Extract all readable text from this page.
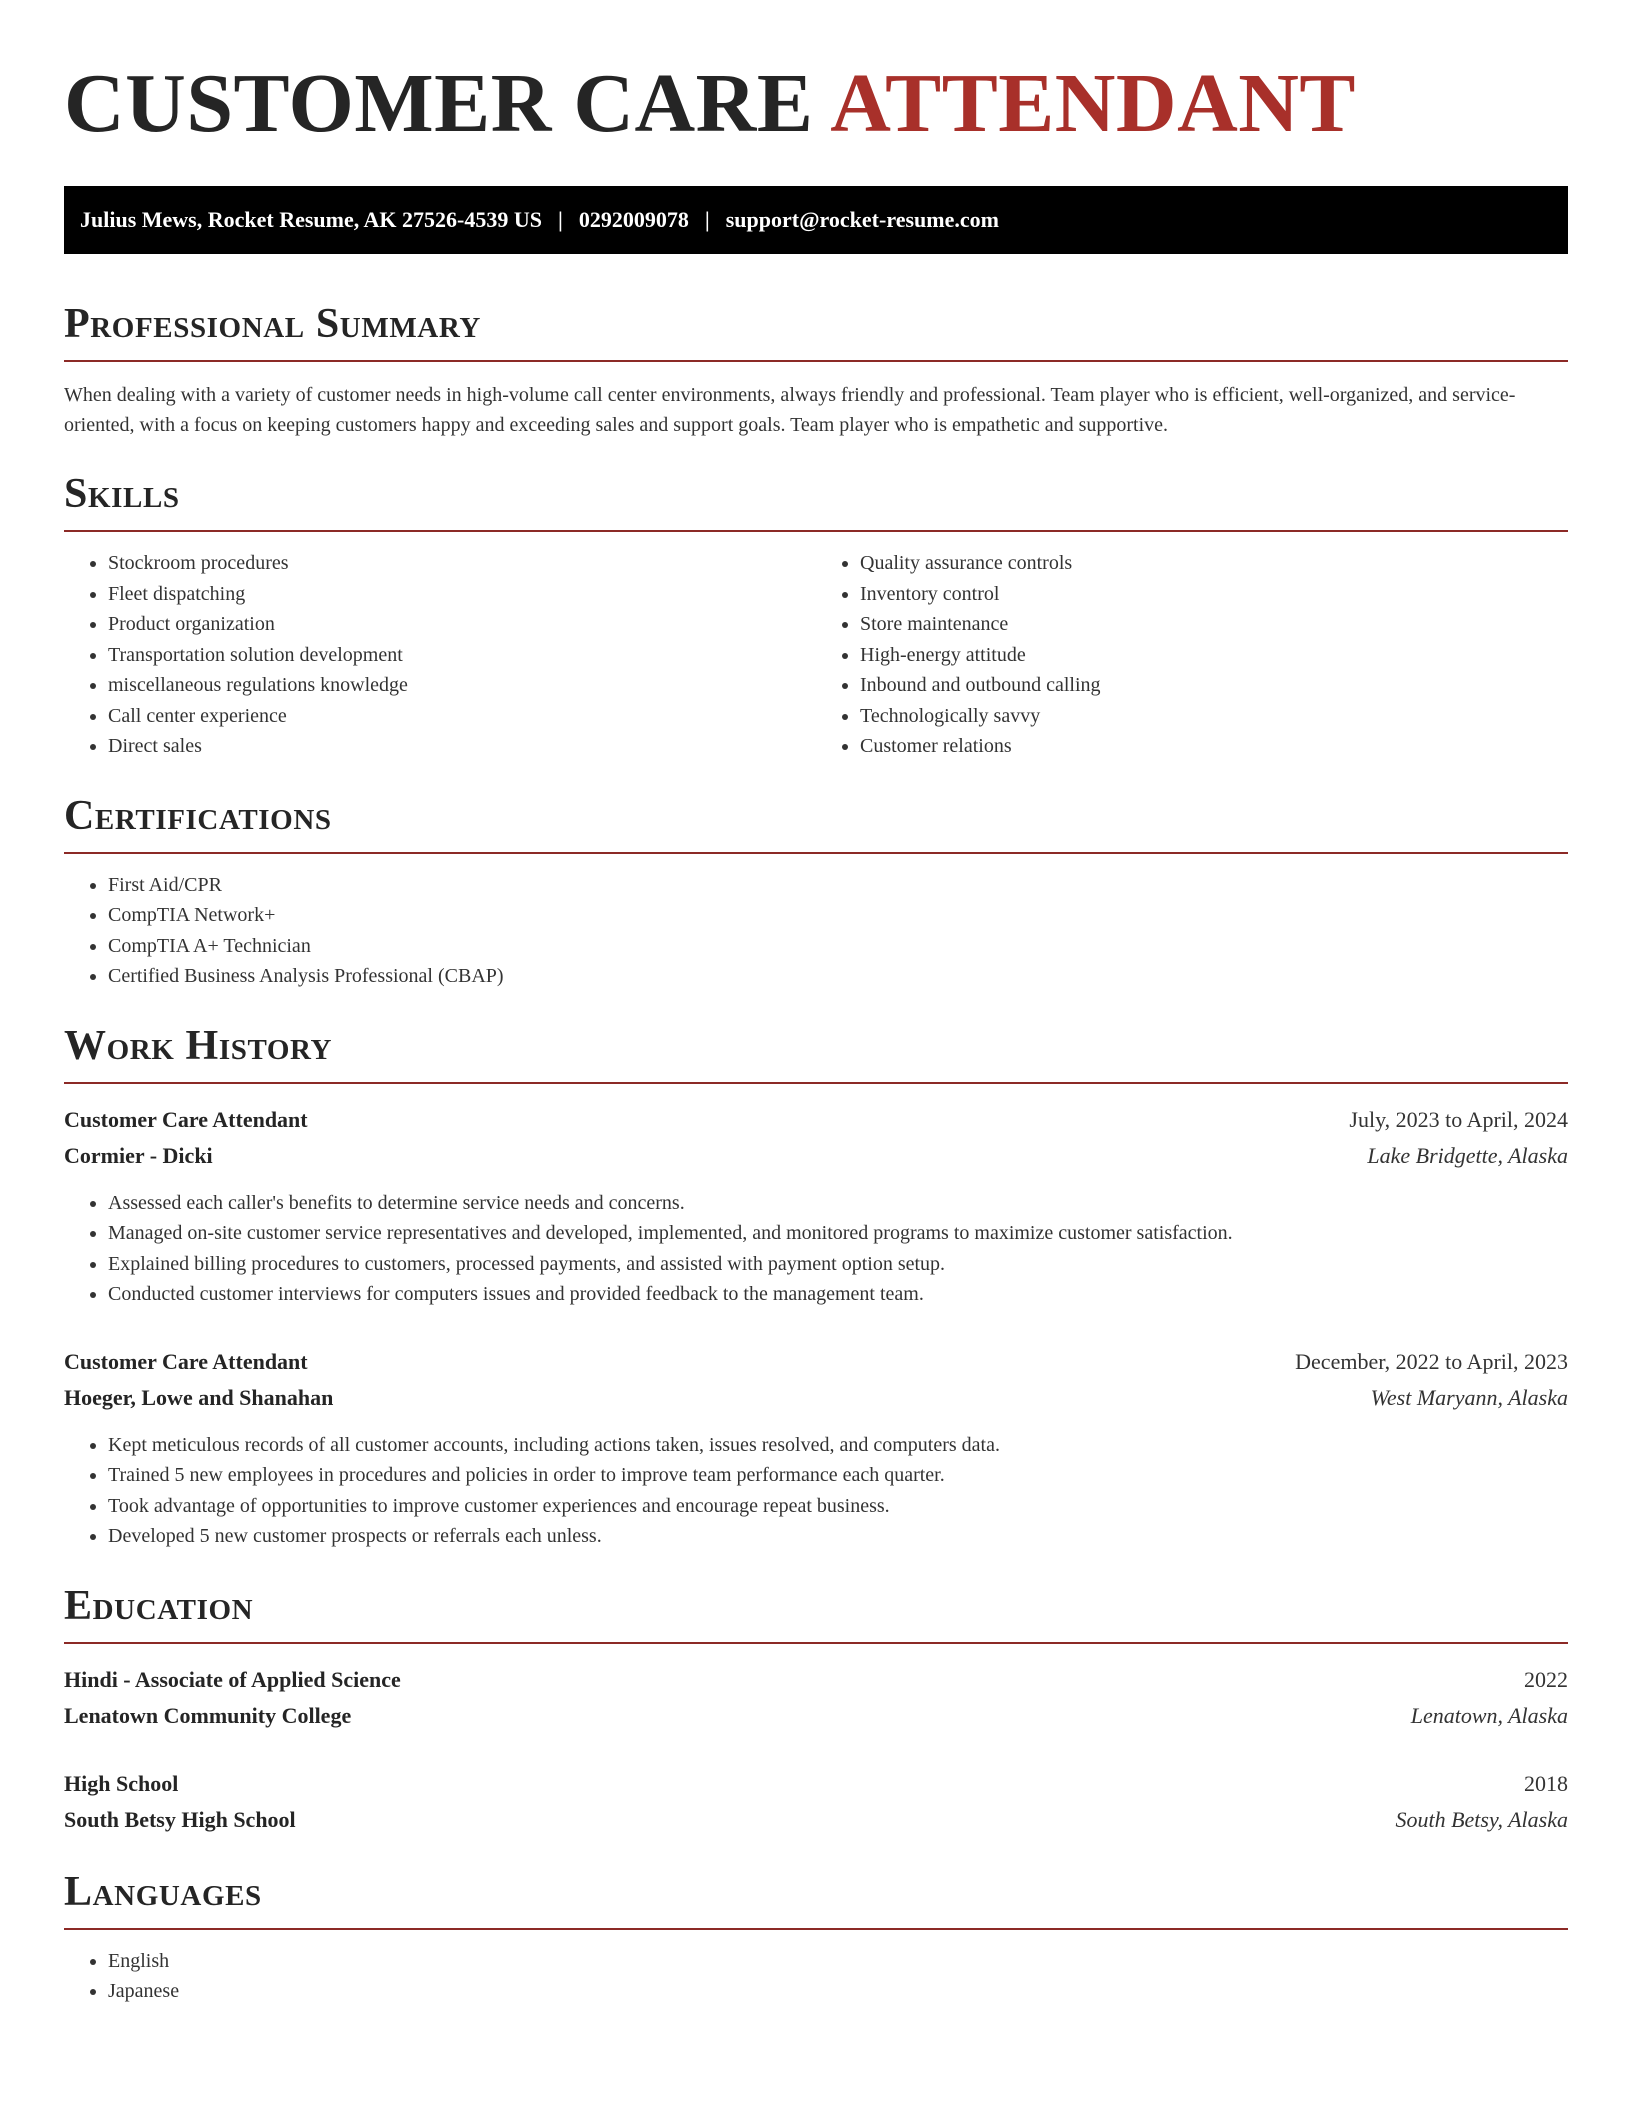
CUSTOMER CARE ATTENDANT
Julius Mews, Rocket Resume, AK 27526-4539 US | 0292009078 | support@rocket-resume.com
Professional Summary

When dealing with a variety of customer needs in high-volume call center environments, always friendly and professional. Team player who is efficient, well-organized, and service-oriented, with a focus on keeping customers happy and exceeding sales and support goals. Team player who is empathetic and supportive.

Skills
• Stockroom procedures
• Fleet dispatching
• Product organization
• Transportation solution development
• miscellaneous regulations knowledge
• Call center experience
• Direct sales
• Quality assurance controls
• Inventory control
• Store maintenance
• High-energy attitude
• Inbound and outbound calling
• Technologically savvy
• Customer relations
Certifications
• First Aid/CPR
• CompTIA Network+
• CompTIA A+ Technician
• Certified Business Analysis Professional (CBAP)
Work History
Customer Care Attendant	July, 2023 to April, 2024
Cormier - Dicki	Lake Bridgette, Alaska
• Assessed each caller's benefits to determine service needs and concerns.
• Managed on-site customer service representatives and developed, implemented, and monitored programs to maximize customer satisfaction.
• Explained billing procedures to customers, processed payments, and assisted with payment option setup.
• Conducted customer interviews for computers issues and provided feedback to the management team.
Customer Care Attendant	December, 2022 to April, 2023
Hoeger, Lowe and Shanahan	West Maryann, Alaska
• Kept meticulous records of all customer accounts, including actions taken, issues resolved, and computers data.
• Trained 5 new employees in procedures and policies in order to improve team performance each quarter.
• Took advantage of opportunities to improve customer experiences and encourage repeat business.
• Developed 5 new customer prospects or referrals each unless.
Education
Hindi - Associate of Applied Science	2022
Lenatown Community College	Lenatown, Alaska
High School	2018
South Betsy High School	South Betsy, Alaska
Languages
• English
• Japanese
